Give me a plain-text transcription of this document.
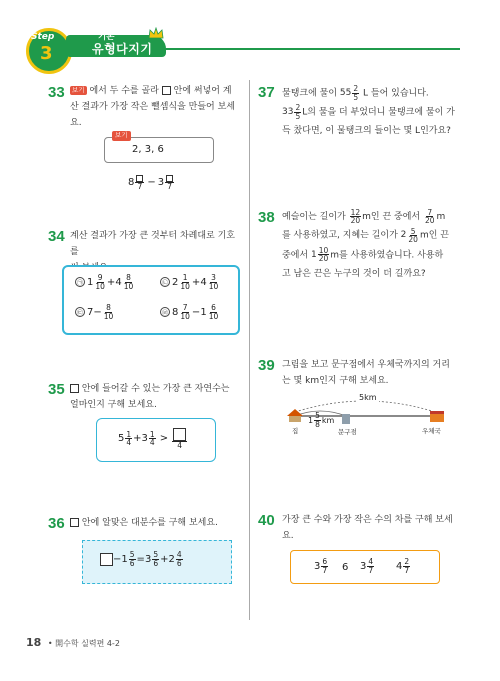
Step
3
기본
유형다지기
33	보기 에서 두 수를 골라 안에 써넣어 계
산 결과가 가장 작은 뺄셈식을 만들어 보세
요.
보기
2, 3, 6
8 7 − 3 7
34 계산 결과가 가장 큰 것부터 차례대로 기호를

㉠ $1 \frac{9}{10} + 4 \frac{8}{10}$	㉡ $2 \frac{1}{10} + 4 \frac{3}{10}$
㉢ $7 - \frac{8}{10}$	㉣ $8 \frac{7}{10} - 1 \frac{6}{10}$
35	안에 들어갈 수 있는 가장 큰 자연수는
얼마인지 구해 보세요.
$5 \frac{1}{4} + 3 \frac{1}{4}$ >
4
36	안에 알맞은 대분수를 구해 보세요.
− $1 \frac{5}{6} = 3 \frac{5}{6} + 2 \frac{4}{6}$
37 물탱크에 물이 $55 \frac{2}{5}$ L 들어 있습니다.
$33 \frac{2}{5}$ L의 물을 더 부었더니 물탱크에 물이 가
득 찼다면, 이 물탱크의 들이는 몇 L인가요?
38 예슬이는 길이가 $\frac{12}{20}$ m인 끈 중에서 $\frac{7}{20}$ m
를 사용하였고, 지혜는 길이가 $2 \frac{5}{20}$ m인 끈
중에서 $1 \frac{10}{20}$ m를 사용하였습니다. 사용하
고 남은 끈은 누구의 것이 더 길까요?
39 그림을 보고 문구점에서 우체국까지의 거리
는 몇 km인지 구해 보세요.
5km
$1 \frac{5}{8}$ km
집	문구점	우체국
40 가장 큰 수와 가장 작은 수의 차를 구해 보세
요.
$3 \frac{6}{7} 6$ $3 \frac{4}{7} 4 \frac{2}{7}$
18 • 開수학 실력편 4-2
